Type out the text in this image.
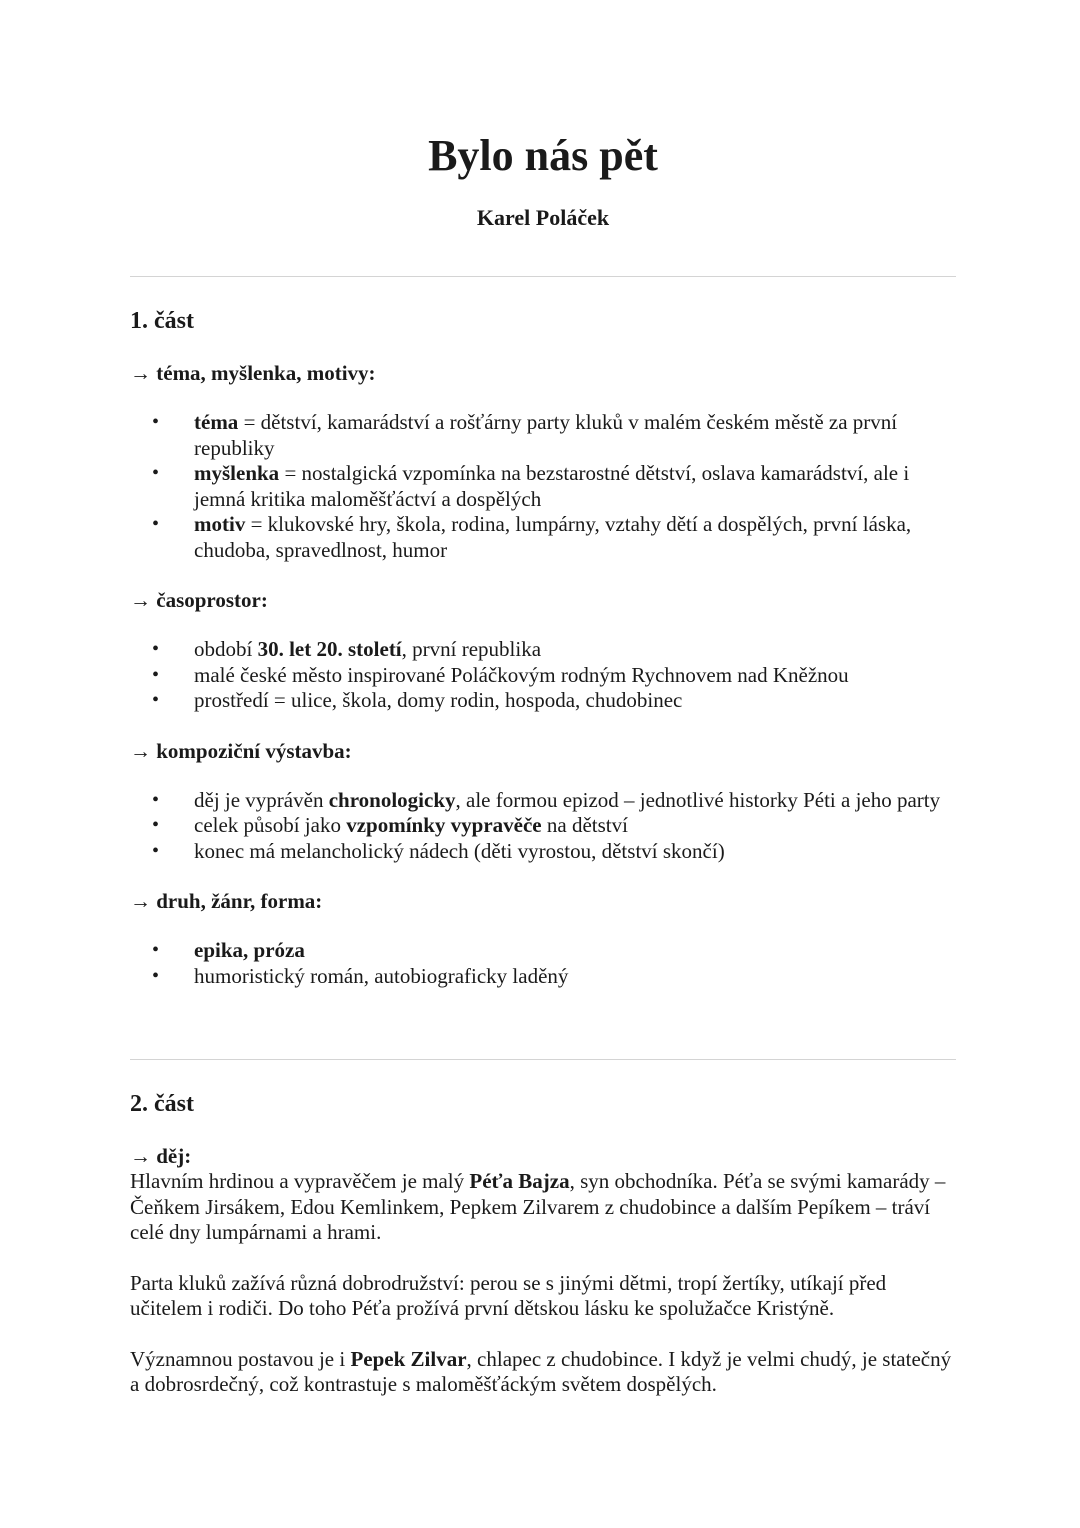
Bylo nás pět
Karel Poláček
1. část
→ téma, myšlenka, motivy:
• téma = dětství, kamarádství a rošťárny party kluků v malém českém městě za první republiky
• myšlenka = nostalgická vzpomínka na bezstarostné dětství, oslava kamarádství, ale i jemná kritika maloměšťáctví a dospělých
• motiv = klukovské hry, škola, rodina, lumpárny, vztahy dětí a dospělých, první láska, chudoba, spravedlnost, humor
→ časoprostor:
• období 30. let 20. století, první republika
• malé české město inspirované Poláčkovým rodným Rychnovem nad Kněžnou
• prostředí = ulice, škola, domy rodin, hospoda, chudobinec
→ kompoziční výstavba:
• děj je vyprávěn chronologicky, ale formou epizod – jednotlivé historky Péti a jeho party
• celek působí jako vzpomínky vypravěče na dětství
• konec má melancholický nádech (děti vyrostou, dětství skončí)
→ druh, žánr, forma:
• epika, próza
• humoristický román, autobiograficky laděný
2. část
→ děj:

Hlavním hrdinou a vypravěčem je malý Péťa Bajza, syn obchodníka. Péťa se svými kamarády – Čeňkem Jirsákem, Edou Kemlinkem, Pepkem Zilvarem z chudobince a dalším Pepíkem – tráví celé dny lumpárnami a hrami.

Parta kluků zažívá různá dobrodružství: perou se s jinými dětmi, tropí žertíky, utíkají před učitelem i rodiči. Do toho Péťa prožívá první dětskou lásku ke spolužačce Kristýně.

Významnou postavou je i Pepek Zilvar, chlapec z chudobince. I když je velmi chudý, je statečný a dobrosrdečný, což kontrastuje s maloměšťáckým světem dospělých.
